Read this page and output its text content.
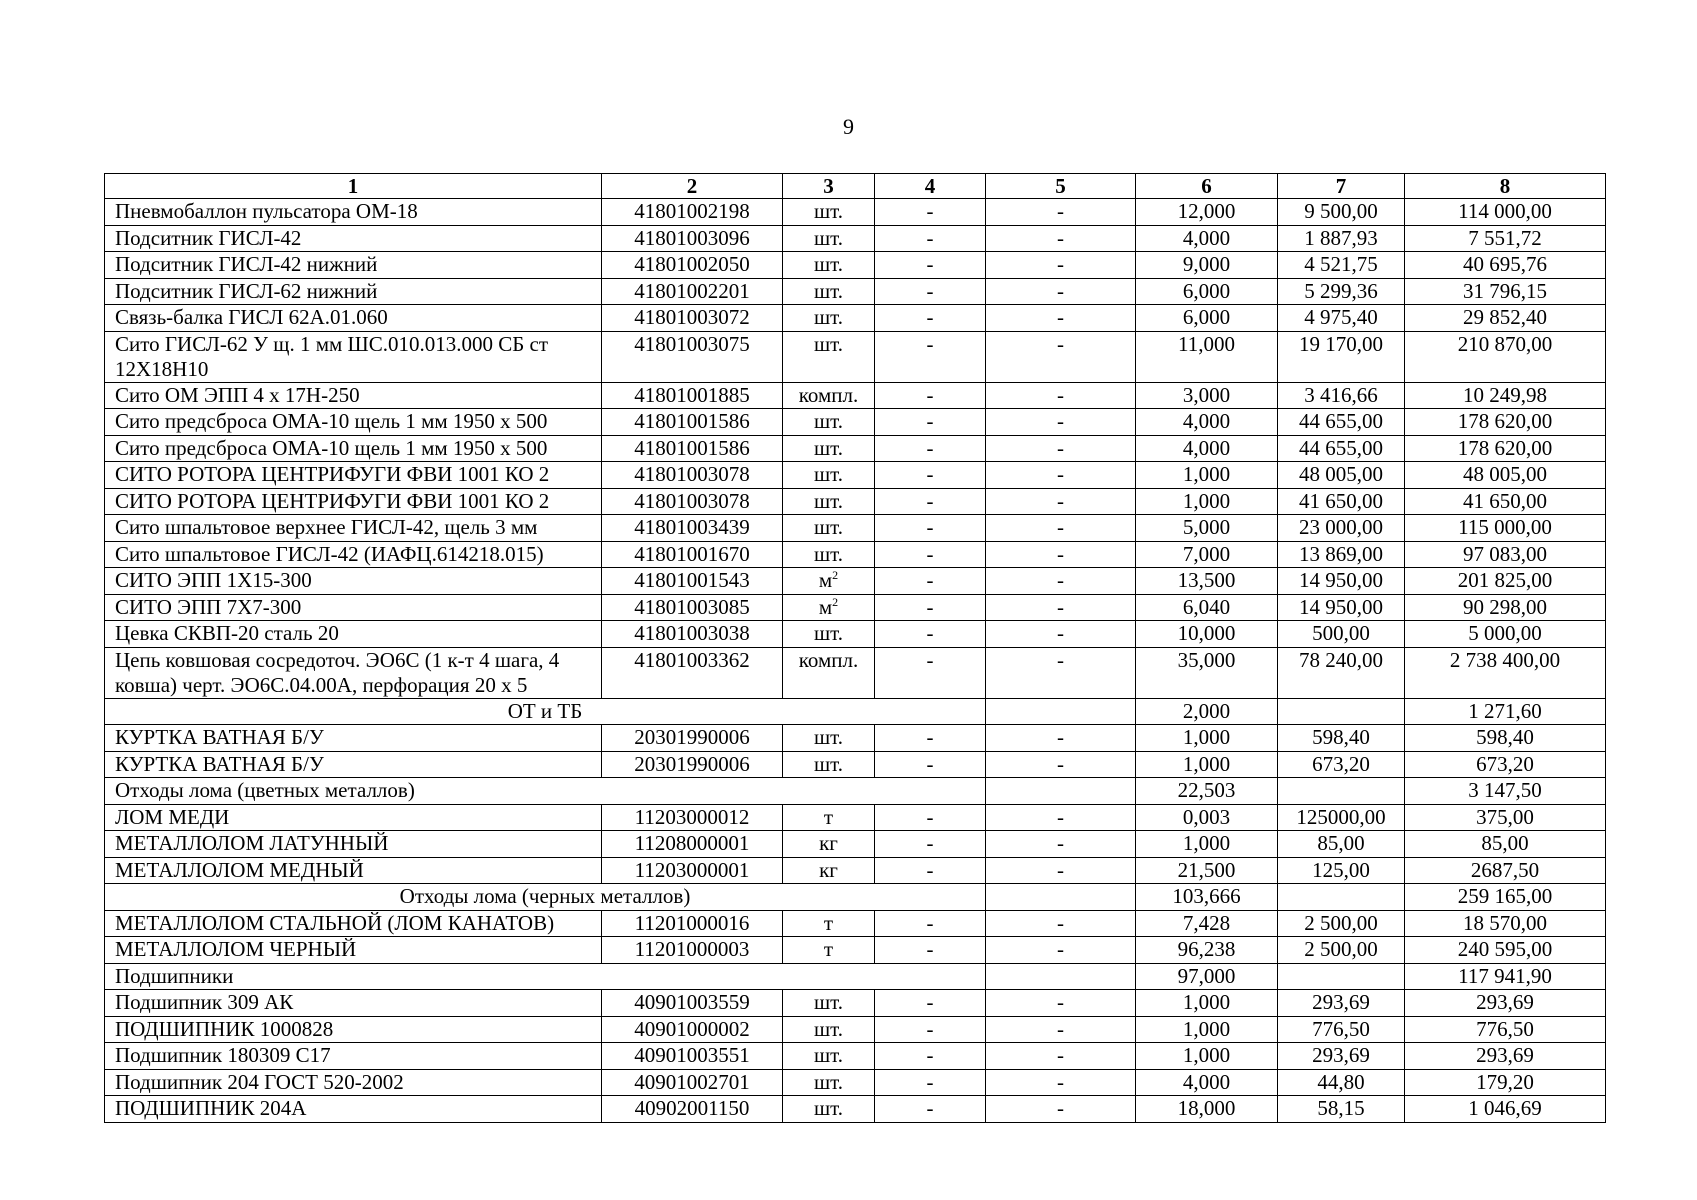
9
1	2	3	4	5	6	7	8
Пневмобаллон пульсатора ОМ-18	41801002198	шт.	-	-	12,000	9 500,00	114 000,00
Подситник ГИСЛ-42	41801003096	шт.	-	-	4,000	1 887,93	7 551,72
Подситник ГИСЛ-42 нижний	41801002050	шт.	-	-	9,000	4 521,75	40 695,76
Подситник ГИСЛ-62 нижний	41801002201	шт.	-	-	6,000	5 299,36	31 796,15
Связь-балка ГИСЛ 62А.01.060	41801003072	шт.	-	-	6,000	4 975,40	29 852,40
Сито ГИСЛ-62 У щ. 1 мм ШС.010.013.000 СБ ст 12Х18Н10	41801003075	шт.	-	-	11,000	19 170,00	210 870,00
Сито ОМ ЭПП 4 х 17Н-250	41801001885	компл.	-	-	3,000	3 416,66	10 249,98
Сито предсброса ОМА-10 щель 1 мм 1950 х 500	41801001586	шт.	-	-	4,000	44 655,00	178 620,00
Сито предсброса ОМА-10 щель 1 мм 1950 х 500	41801001586	шт.	-	-	4,000	44 655,00	178 620,00
СИТО РОТОРА ЦЕНТРИФУГИ ФВИ 1001 КО 2	41801003078	шт.	-	-	1,000	48 005,00	48 005,00
СИТО РОТОРА ЦЕНТРИФУГИ ФВИ 1001 КО 2	41801003078	шт.	-	-	1,000	41 650,00	41 650,00
Сито шпальтовое верхнее ГИСЛ-42, щель 3 мм	41801003439	шт.	-	-	5,000	23 000,00	115 000,00
Сито шпальтовое ГИСЛ-42 (ИАФЦ.614218.015)	41801001670	шт.	-	-	7,000	13 869,00	97 083,00
СИТО ЭПП 1Х15-300	41801001543	$м^2$	-	-	13,500	14 950,00	201 825,00
СИТО ЭПП 7Х7-300	41801003085	$м^2$	-	-	6,040	14 950,00	90 298,00
Цевка СКВП-20 сталь 20	41801003038	шт.	-	-	10,000	500,00	5 000,00
Цепь ковшовая сосредоточ. ЭО6С (1 к-т 4 шага, 4 ковша) черт. ЭО6С.04.00А, перфорация 20 х 5	41801003362	компл.	-	-	35,000	78 240,00	2 738 400,00
ОТ и ТБ					2,000		1 271,60
КУРТКА ВАТНАЯ Б/У	20301990006	шт.	-	-	1,000	598,40	598,40
КУРТКА ВАТНАЯ Б/У	20301990006	шт.	-	-	1,000	673,20	673,20
Отходы лома (цветных металлов)					22,503		3 147,50
ЛОМ МЕДИ	11203000012	т	-	-	0,003	125000,00	375,00
МЕТАЛЛОЛОМ ЛАТУННЫЙ	11208000001	кг	-	-	1,000	85,00	85,00
МЕТАЛЛОЛОМ МЕДНЫЙ	11203000001	кг	-	-	21,500	125,00	2687,50
Отходы лома (черных металлов)					103,666		259 165,00
МЕТАЛЛОЛОМ СТАЛЬНОЙ (ЛОМ КАНАТОВ)	11201000016	т	-	-	7,428	2 500,00	18 570,00
МЕТАЛЛОЛОМ ЧЕРНЫЙ	11201000003	т	-	-	96,238	2 500,00	240 595,00
Подшипники					97,000		117 941,90
Подшипник 309 АК	40901003559	шт.	-	-	1,000	293,69	293,69
ПОДШИПНИК 1000828	40901000002	шт.	-	-	1,000	776,50	776,50
Подшипник 180309 С17	40901003551	шт.	-	-	1,000	293,69	293,69
Подшипник 204 ГОСТ 520-2002	40901002701	шт.	-	-	4,000	44,80	179,20
ПОДШИПНИК 204А	40902001150	шт.	-	-	18,000	58,15	1 046,69
